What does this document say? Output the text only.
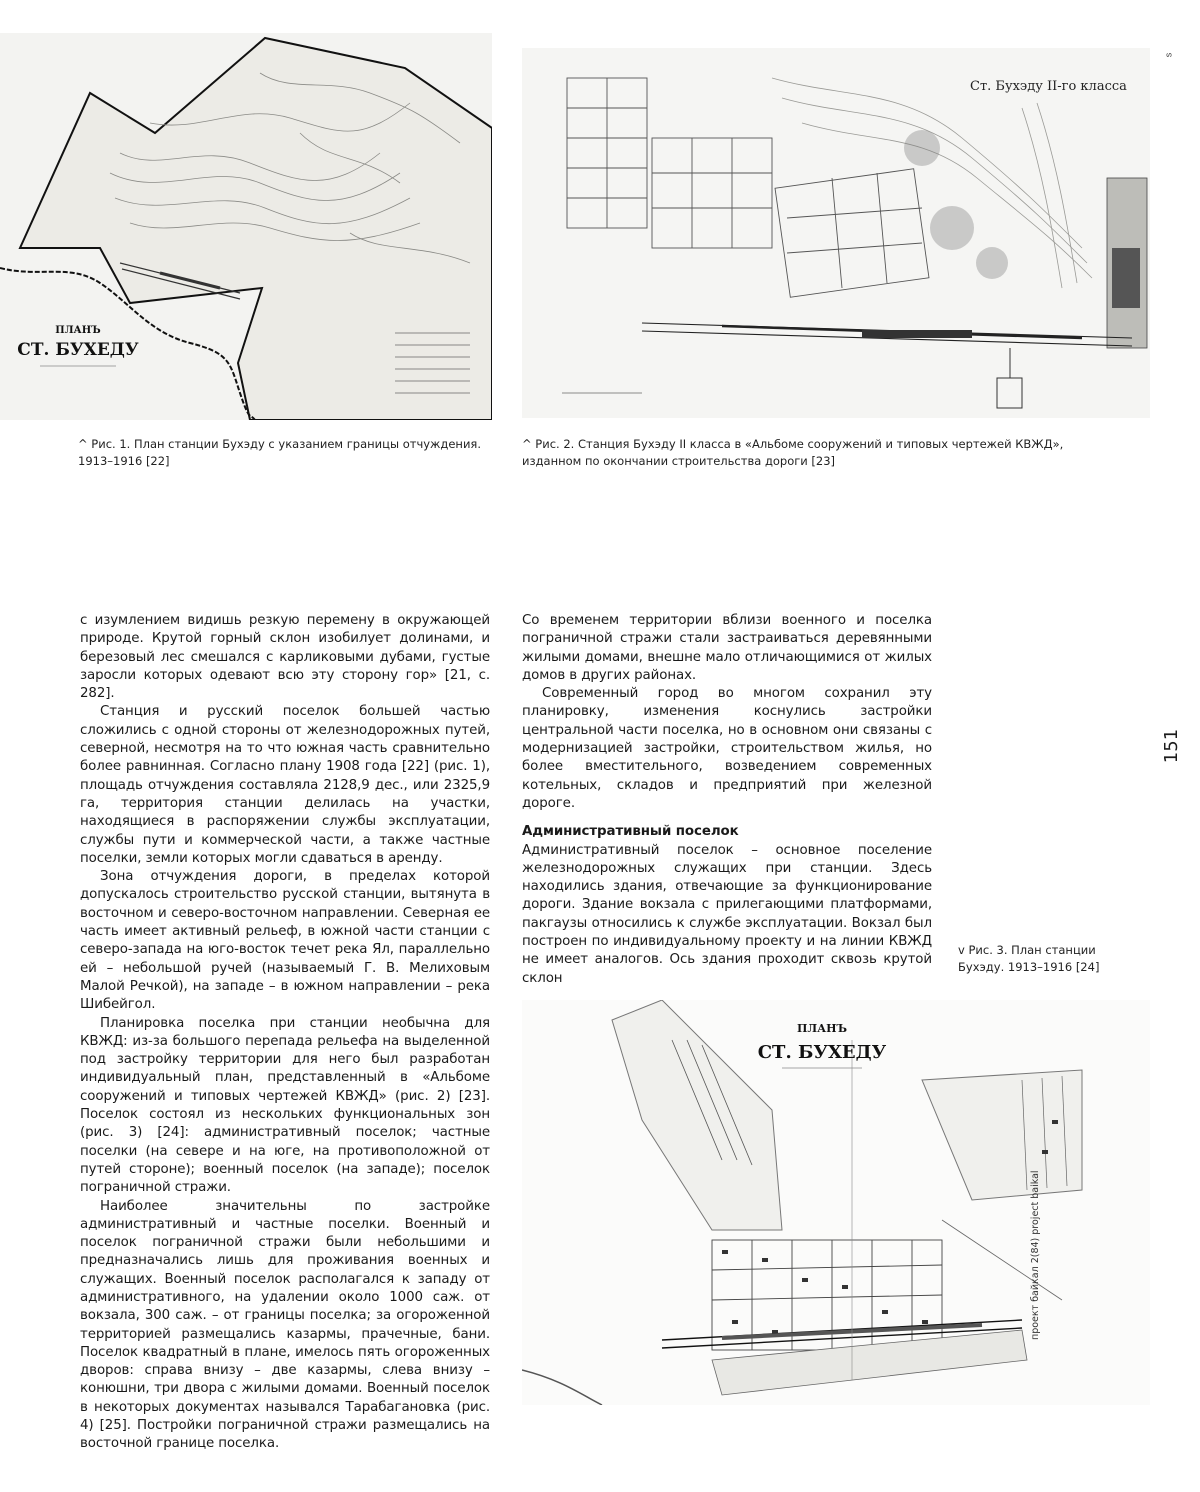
ПЛАНЪ
СТ. БУХЕДУ
^ Рис. 1. План станции Бухэду с указанием границы отчуждения. 1913–1916 [22]
Ст. Бухэду II-го класса
^ Рис. 2. Станция Бухэду II класса в «Альбоме сооружений и типовых чертежей КВЖД», изданном по окончании строительства дороги [23]
s

с изумлением видишь резкую перемену в окружающей природе. Крутой горный склон изобилует долинами, и березовый лес смешался с карликовыми дубами, густые заросли которых одевают всю эту сторону гор» [21, с. 282].

Станция и русский поселок большей частью сложились с одной стороны от железнодорожных путей, северной, несмотря на то что южная часть сравнительно более равнинная. Согласно плану 1908 года [22] (рис. 1), площадь отчуждения составляла 2128,9 дес., или 2325,9 га, территория станции делилась на участки, находящиеся в распоряжении службы эксплуатации, службы пути и коммерческой части, а также частные поселки, земли которых могли сдаваться в аренду.

Зона отчуждения дороги, в пределах которой допускалось строительство русской станции, вытянута в восточном и северо-восточном направлении. Северная ее часть имеет активный рельеф, в южной части станции с северо-запада на юго-восток течет река Ял, параллельно ей – небольшой ручей (называемый Г. В. Мелиховым Малой Речкой), на западе – в южном направлении – река Шибейгол.

Планировка поселка при станции необычна для КВЖД: из-за большого перепада рельефа на выделенной под застройку территории для него был разработан индивидуальный план, представленный в «Альбоме сооружений и типовых чертежей КВЖД» (рис. 2) [23]. Поселок состоял из нескольких функциональных зон (рис. 3) [24]: административный поселок; частные поселки (на севере и на юге, на противоположной от путей стороне); военный поселок (на западе); поселок пограничной стражи.

Наиболее значительны по застройке административный и частные поселки. Военный и поселок пограничной стражи были небольшими и предназначались лишь для проживания военных и служащих. Военный поселок располагался к западу от административного, на удалении около 1000 саж. от вокзала, 300 саж. – от границы поселка; за огороженной территорией размещались казармы, прачечные, бани. Поселок квадратный в плане, имелось пять огороженных дворов: справа внизу – две казармы, слева внизу – конюшни, три двора с жилыми домами. Военный поселок в некоторых документах назывался Тарабагановка (рис. 4) [25]. Постройки пограничной стражи размещались на восточной границе поселка.

Со временем территории вблизи военного и поселка пограничной стражи стали застраиваться деревянными жилыми домами, внешне мало отличающимися от жилых домов в других районах.

Современный город во многом сохранил эту планировку, изменения коснулись застройки центральной части поселка, но в основном они связаны с модернизацией застройки, строительством жилья, но более вместительного, возведением современных котельных, складов и предприятий при железной дороге.

Административный поселок

Административный поселок – основное поселение железнодорожных служащих при станции. Здесь находились здания, отвечающие за функционирование дороги. Здание вокзала с прилегающими платформами, пакгаузы относились к службе эксплуатации. Вокзал был построен по индивидуальному проекту и на линии КВЖД не имеет аналогов. Ось здания проходит сквозь крутой склон

v Рис. 3. План станции Бухэду. 1913–1916 [24]
ПЛАНЪ
СТ. БУХЕДУ
151
проект байкал 2(84) project baikal
